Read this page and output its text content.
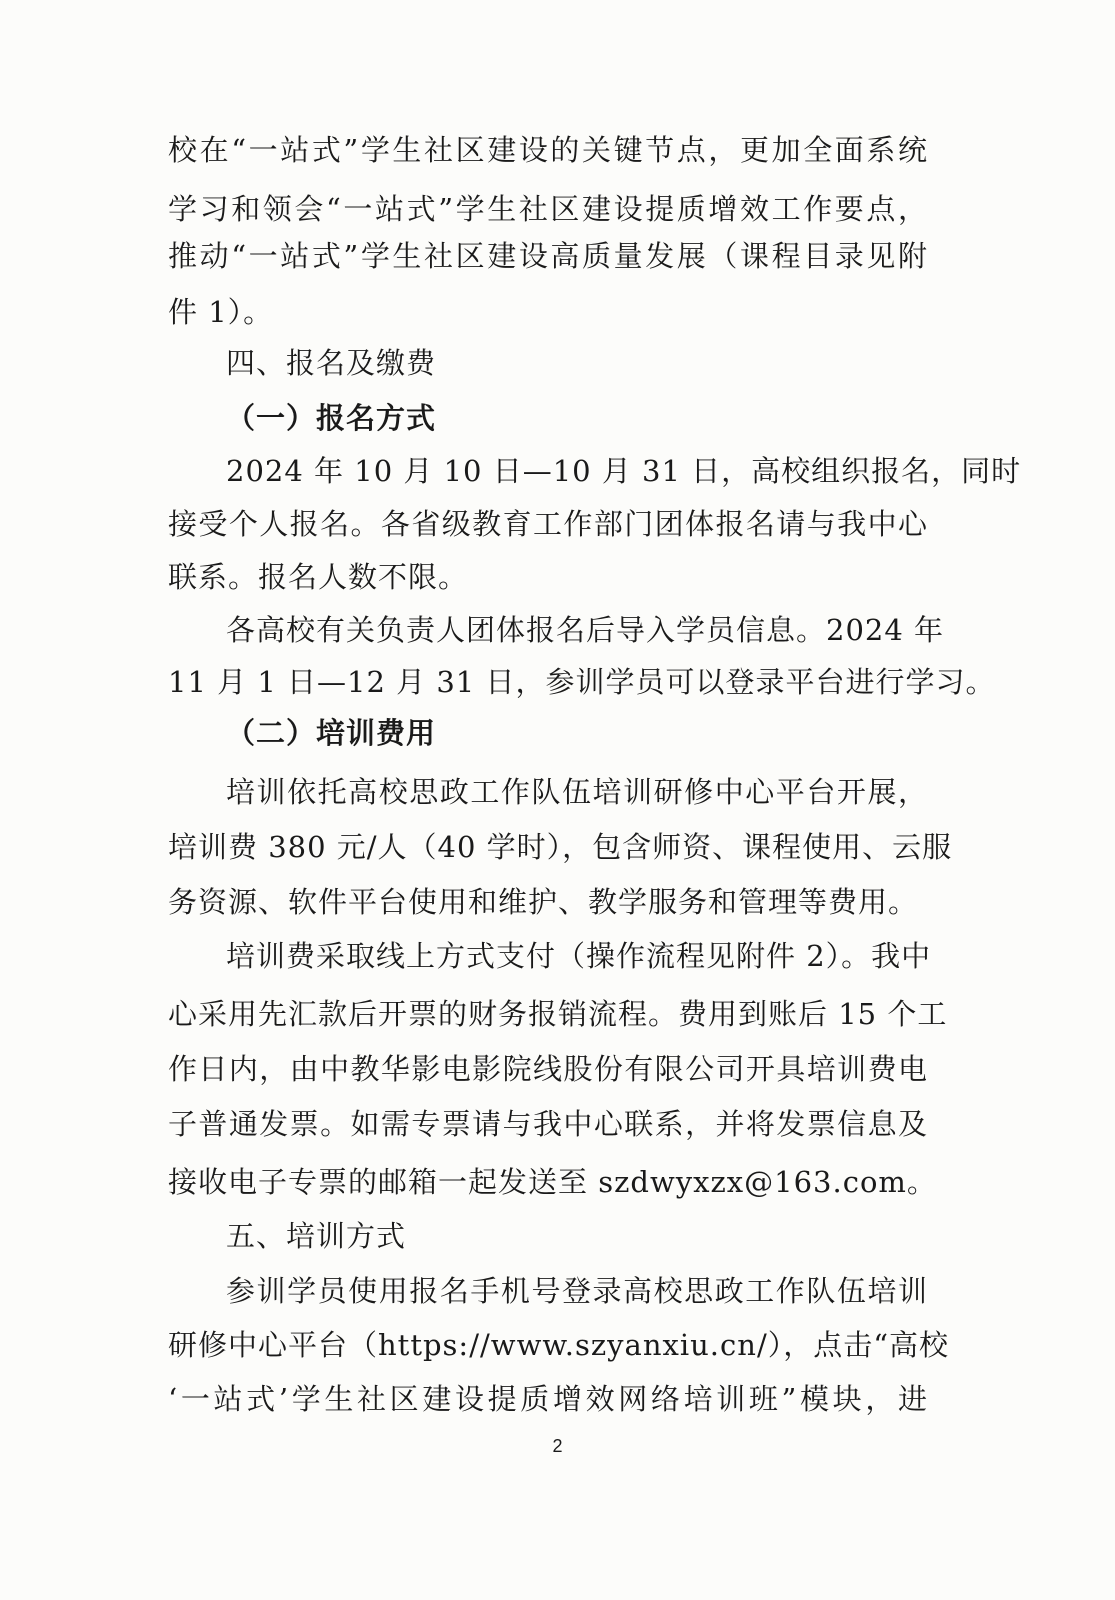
校在“一站式”学生社区建设的关键节点，更加全面系统
学习和领会“一站式”学生社区建设提质增效工作要点，
推动“一站式”学生社区建设高质量发展（课程目录见附
件 1）。
四、报名及缴费
（一）报名方式
2024 年 10 月 10 日—10 月 31 日，高校组织报名，同时
接受个人报名。各省级教育工作部门团体报名请与我中心
联系。报名人数不限。
各高校有关负责人团体报名后导入学员信息。2024 年
11 月 1 日—12 月 31 日，参训学员可以登录平台进行学习。
（二）培训费用
培训依托高校思政工作队伍培训研修中心平台开展，
培训费 380 元/人（40 学时），包含师资、课程使用、云服
务资源、软件平台使用和维护、教学服务和管理等费用。
培训费采取线上方式支付（操作流程见附件 2）。我中
心采用先汇款后开票的财务报销流程。费用到账后 15 个工
作日内，由中教华影电影院线股份有限公司开具培训费电
子普通发票。如需专票请与我中心联系，并将发票信息及
接收电子专票的邮箱一起发送至 szdwyxzx@163.com。
五、培训方式
参训学员使用报名手机号登录高校思政工作队伍培训
研修中心平台（https://www.szyanxiu.cn/），点击“高校
‘一站式’学生社区建设提质增效网络培训班”模块，进
2
